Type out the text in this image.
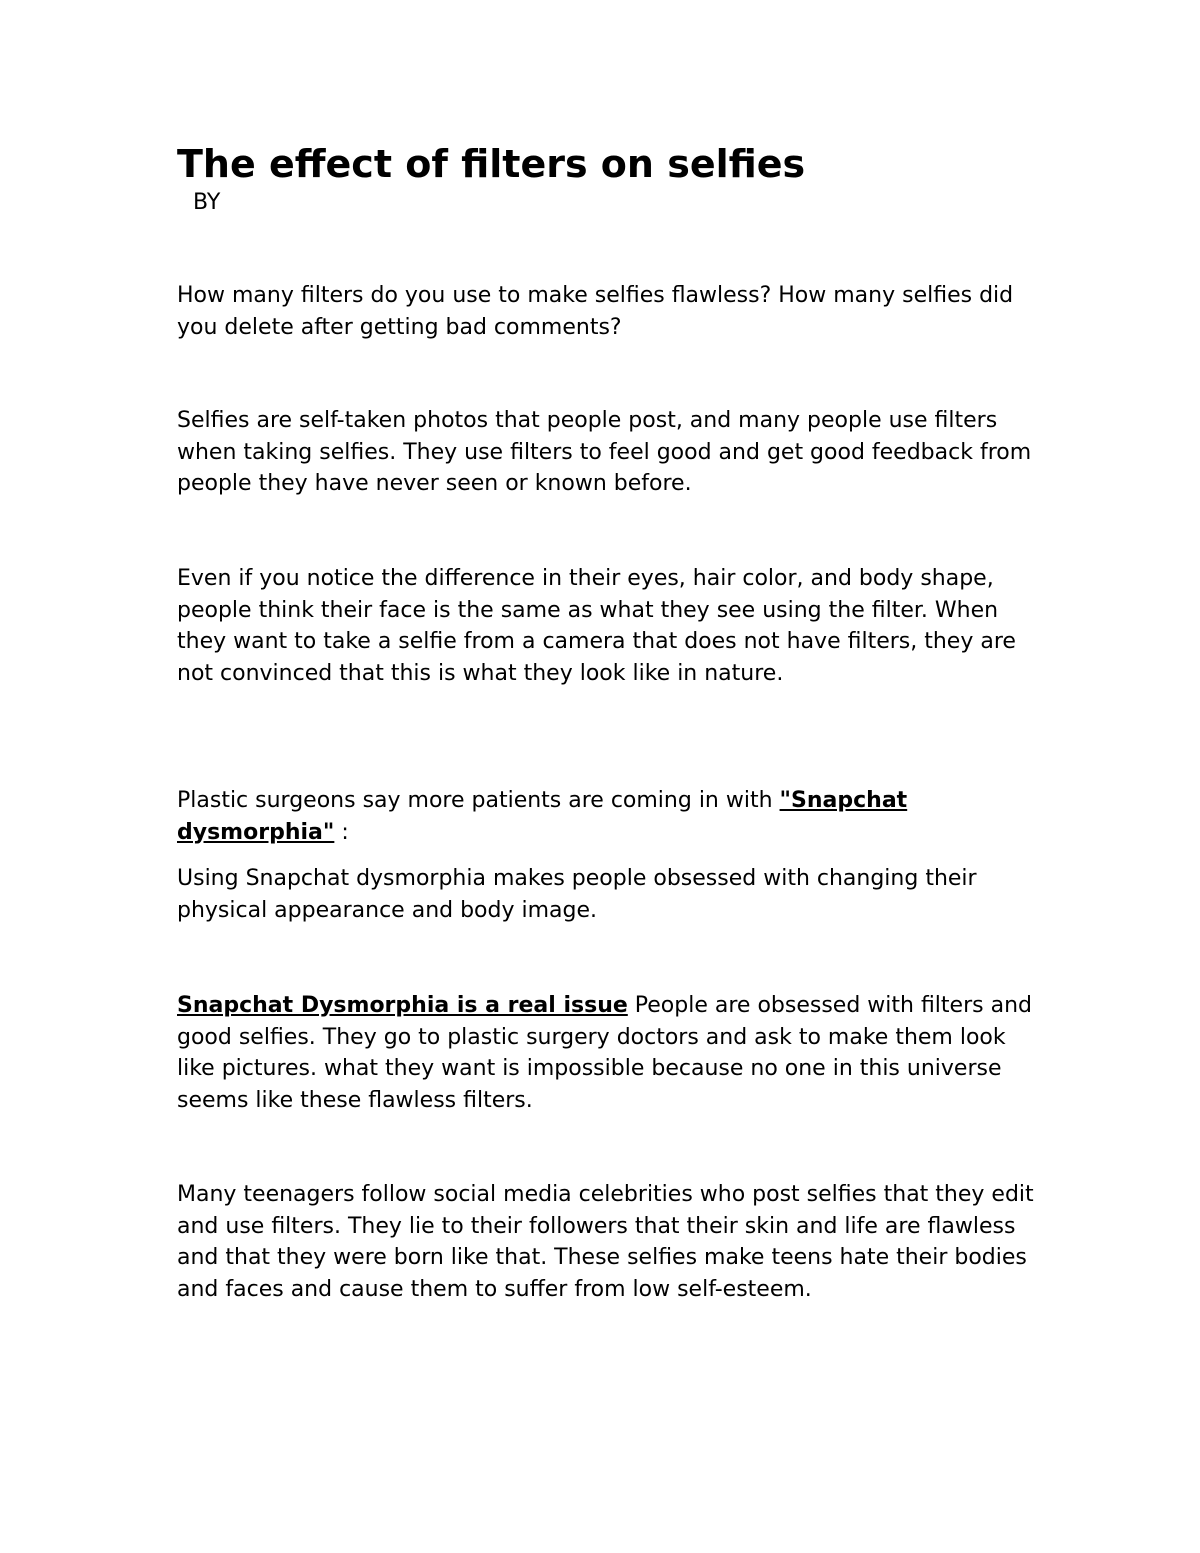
The effect of filters on selfies
BY

How many filters do you use to make selfies flawless? How many selfies did you delete after getting bad comments?

Selfies are self-taken photos that people post, and many people use filters when taking selfies. They use filters to feel good and get good feedback from people they have never seen or known before.

Even if you notice the difference in their eyes, hair color, and body shape, people think their face is the same as what they see using the filter. When they want to take a selfie from a camera that does not have filters, they are not convinced that this is what they look like in nature.

Plastic surgeons say more patients are coming in with "Snapchat dysmorphia" :

Using Snapchat dysmorphia makes people obsessed with changing their physical appearance and body image.

Snapchat Dysmorphia is a real issue People are obsessed with filters and good selfies. They go to plastic surgery doctors and ask to make them look like pictures. what they want is impossible because no one in this universe seems like these flawless filters.

Many teenagers follow social media celebrities who post selfies that they edit and use filters. They lie to their followers that their skin and life are flawless and that they were born like that. These selfies make teens hate their bodies and faces and cause them to suffer from low self-esteem.
